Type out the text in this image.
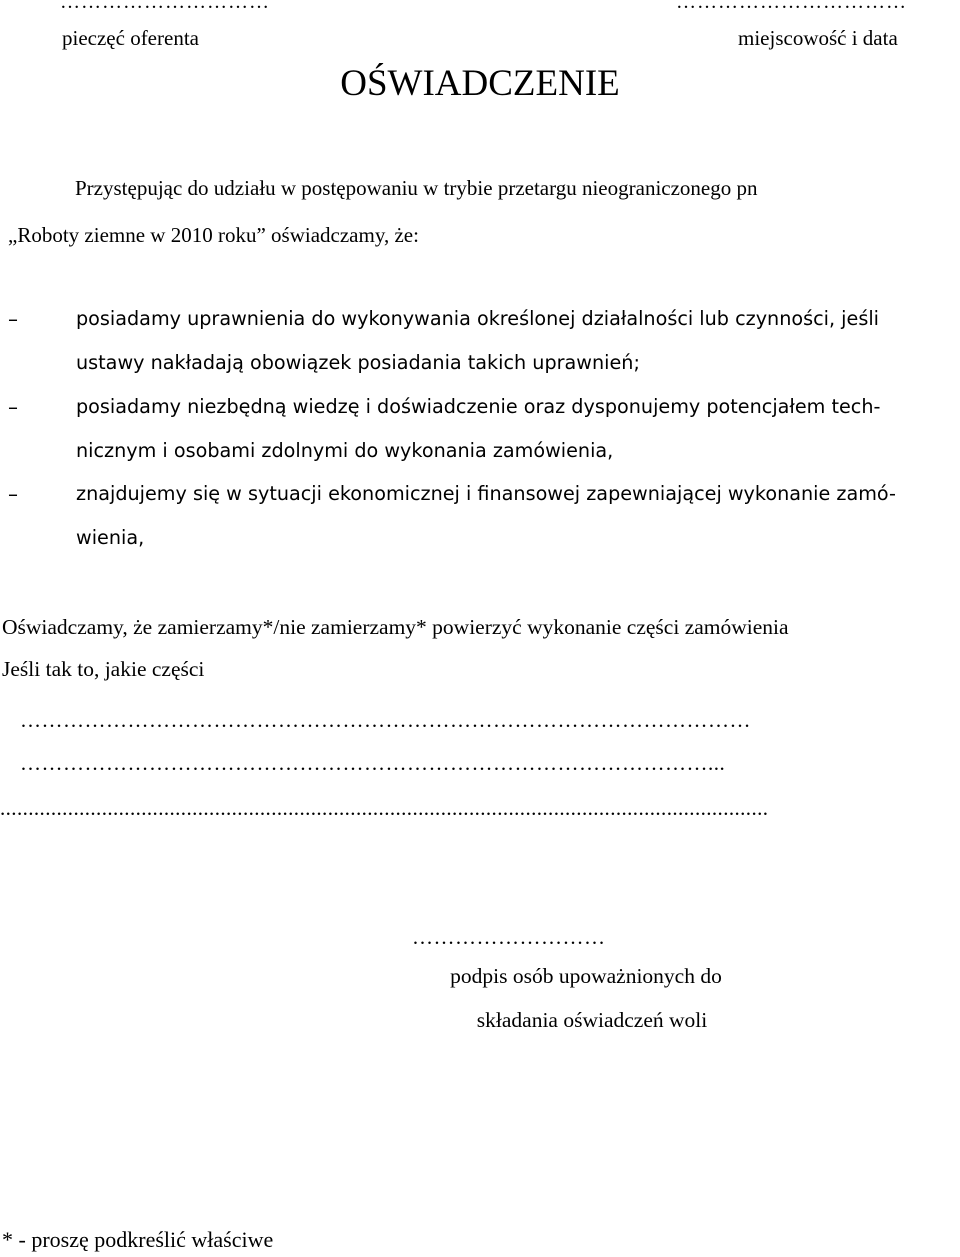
…………………………	……………………………
pieczęć oferenta	miejscowość i data
OŚWIADCZENIE
Przystępując do udziału w postępowaniu w trybie przetargu nieograniczonego pn
„Roboty ziemne w 2010 roku” oświadczamy, że:
–	posiadamy uprawnienia do wykonywania określonej działalności lub czynności, jeśli
ustawy nakładają obowiązek posiadania takich uprawnień;
–	posiadamy niezbędną wiedzę i doświadczenie oraz dysponujemy potencjałem tech-
nicznym i osobami zdolnymi do wykonania zamówienia,
–	znajdujemy się w sytuacji ekonomicznej i finansowej zapewniającej wykonanie zamó-
wienia,
Oświadczamy, że zamierzamy*/nie zamierzamy* powierzyć wykonanie części zamówienia
Jeśli tak to, jakie części
…………………………………………………………………………………………
……………………………………………………………………………………...
........................................................................................................................................
………………………
podpis osób upoważnionych do
składania oświadczeń woli
* - proszę podkreślić właściwe
